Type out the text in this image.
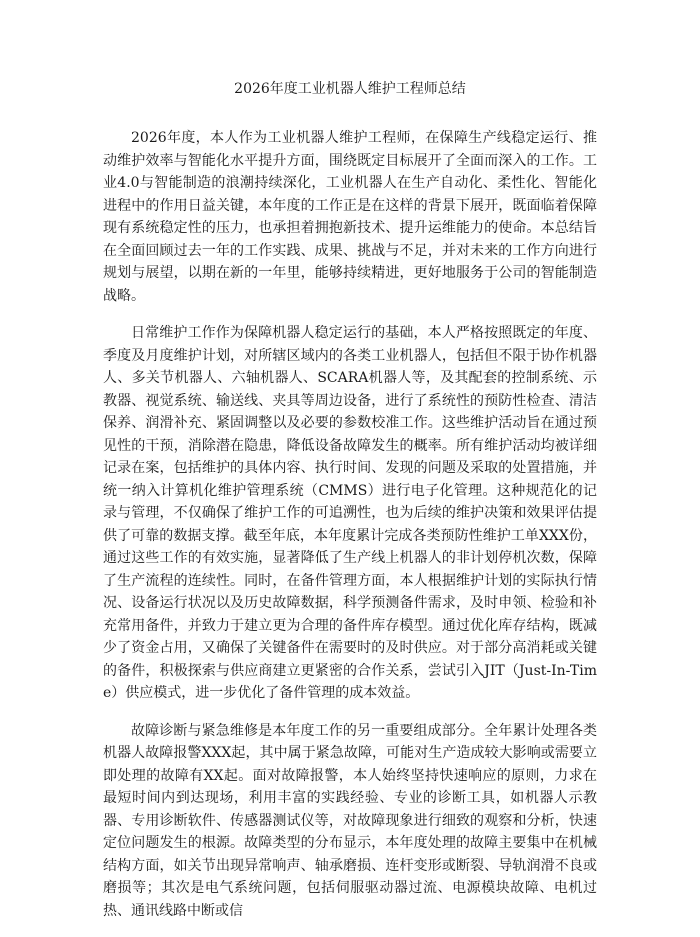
2026年度工业机器人维护工程师总结

2026年度，本人作为工业机器人维护工程师，在保障生产线稳定运行、推动维护效率与智能化水平提升方面，围绕既定目标展开了全面而深入的工作。工业4.0与智能制造的浪潮持续深化，工业机器人在生产自动化、柔性化、智能化进程中的作用日益关键，本年度的工作正是在这样的背景下展开，既面临着保障现有系统稳定性的压力，也承担着拥抱新技术、提升运维能力的使命。本总结旨在全面回顾过去一年的工作实践、成果、挑战与不足，并对未来的工作方向进行规划与展望，以期在新的一年里，能够持续精进，更好地服务于公司的智能制造战略。

日常维护工作作为保障机器人稳定运行的基础，本人严格按照既定的年度、季度及月度维护计划，对所辖区域内的各类工业机器人，包括但不限于协作机器人、多关节机器人、六轴机器人、SCARA机器人等，及其配套的控制系统、示教器、视觉系统、输送线、夹具等周边设备，进行了系统性的预防性检查、清洁保养、润滑补充、紧固调整以及必要的参数校准工作。这些维护活动旨在通过预见性的干预，消除潜在隐患，降低设备故障发生的概率。所有维护活动均被详细记录在案，包括维护的具体内容、执行时间、发现的问题及采取的处置措施，并统一纳入计算机化维护管理系统（CMMS）进行电子化管理。这种规范化的记录与管理，不仅确保了维护工作的可追溯性，也为后续的维护决策和效果评估提供了可靠的数据支撑。截至年底，本年度累计完成各类预防性维护工单XXX份，通过这些工作的有效实施，显著降低了生产线上机器人的非计划停机次数，保障了生产流程的连续性。同时，在备件管理方面，本人根据维护计划的实际执行情况、设备运行状况以及历史故障数据，科学预测备件需求，及时申领、检验和补充常用备件，并致力于建立更为合理的备件库存模型。通过优化库存结构，既减少了资金占用，又确保了关键备件在需要时的及时供应。对于部分高消耗或关键的备件，积极探索与供应商建立更紧密的合作关系，尝试引入JIT（Just-In-Time）供应模式，进一步优化了备件管理的成本效益。

故障诊断与紧急维修是本年度工作的另一重要组成部分。全年累计处理各类机器人故障报警XXX起，其中属于紧急故障，可能对生产造成较大影响或需要立即处理的故障有XX起。面对故障报警，本人始终坚持快速响应的原则，力求在最短时间内到达现场，利用丰富的实践经验、专业的诊断工具，如机器人示教器、专用诊断软件、传感器测试仪等，对故障现象进行细致的观察和分析，快速定位问题发生的根源。故障类型的分布显示，本年度处理的故障主要集中在机械结构方面，如关节出现异常响声、轴承磨损、连杆变形或断裂、导轨润滑不良或磨损等；其次是电气系统问题，包括伺服驱动器过流、电源模块故障、电机过热、通讯线路中断或信
